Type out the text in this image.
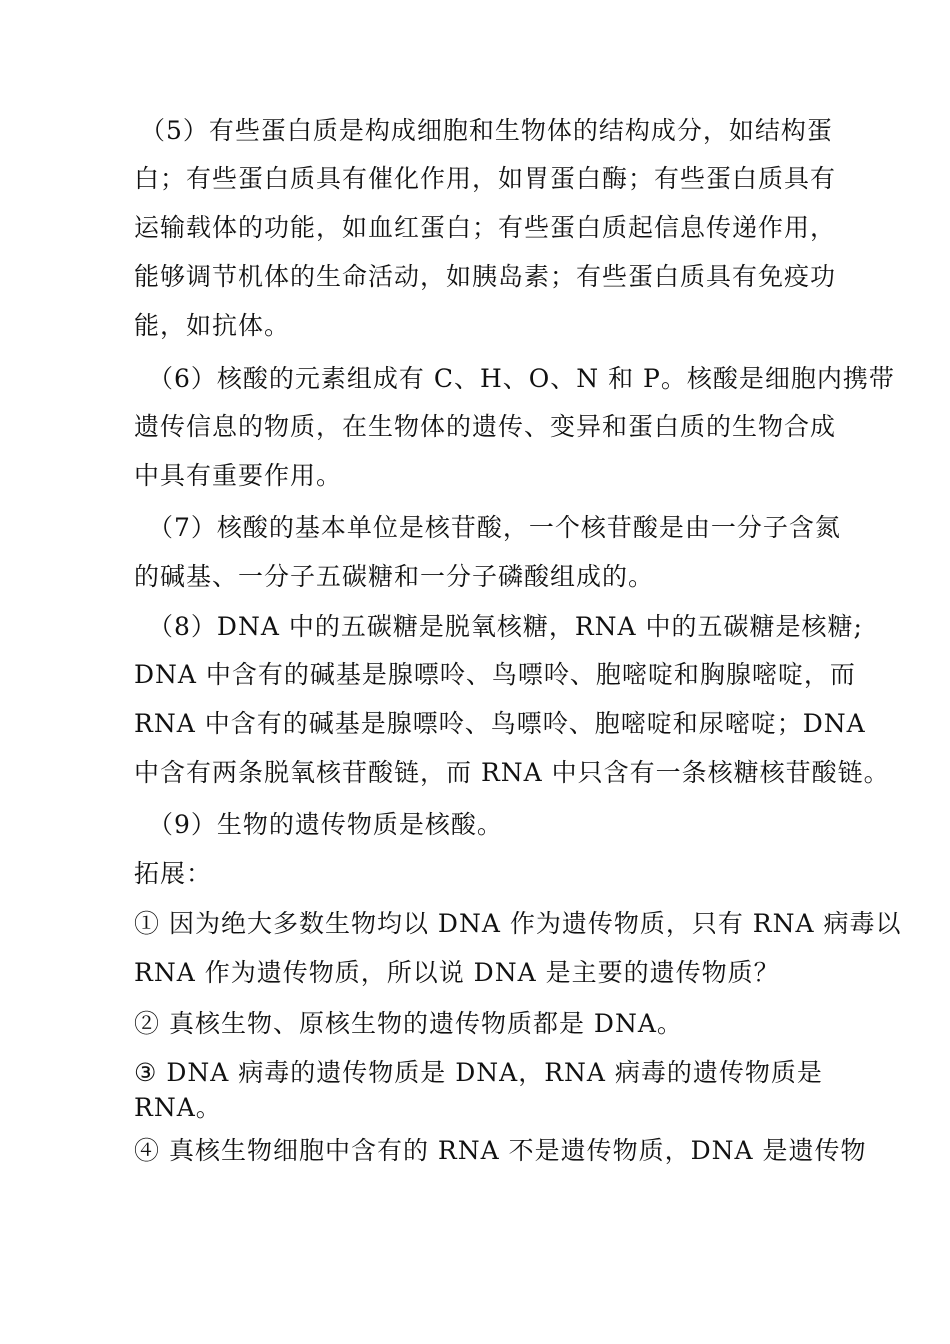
（5）有些蛋白质是构成细胞和生物体的结构成分，如结构蛋
白；有些蛋白质具有催化作用，如胃蛋白酶；有些蛋白质具有
运输载体的功能，如血红蛋白；有些蛋白质起信息传递作用，
能够调节机体的生命活动，如胰岛素；有些蛋白质具有免疫功
能，如抗体。
（6）核酸的元素组成有 C、H、O、N 和 P。核酸是细胞内携带
遗传信息的物质，在生物体的遗传、变异和蛋白质的生物合成
中具有重要作用。
（7）核酸的基本单位是核苷酸，一个核苷酸是由一分子含氮
的碱基、一分子五碳糖和一分子磷酸组成的。
（8）DNA 中的五碳糖是脱氧核糖，RNA 中的五碳糖是核糖;
DNA 中含有的碱基是腺嘌呤、鸟嘌呤、胞嘧啶和胸腺嘧啶，而
RNA 中含有的碱基是腺嘌呤、鸟嘌呤、胞嘧啶和尿嘧啶；DNA
中含有两条脱氧核苷酸链，而 RNA 中只含有一条核糖核苷酸链。
（9）生物的遗传物质是核酸。
拓展：
① 因为绝大多数生物均以 DNA 作为遗传物质，只有 RNA 病毒以
RNA 作为遗传物质，所以说 DNA 是主要的遗传物质？
② 真核生物、原核生物的遗传物质都是 DNA。
③ DNA 病毒的遗传物质是 DNA，RNA 病毒的遗传物质是
RNA。
④ 真核生物细胞中含有的 RNA 不是遗传物质，DNA 是遗传物
